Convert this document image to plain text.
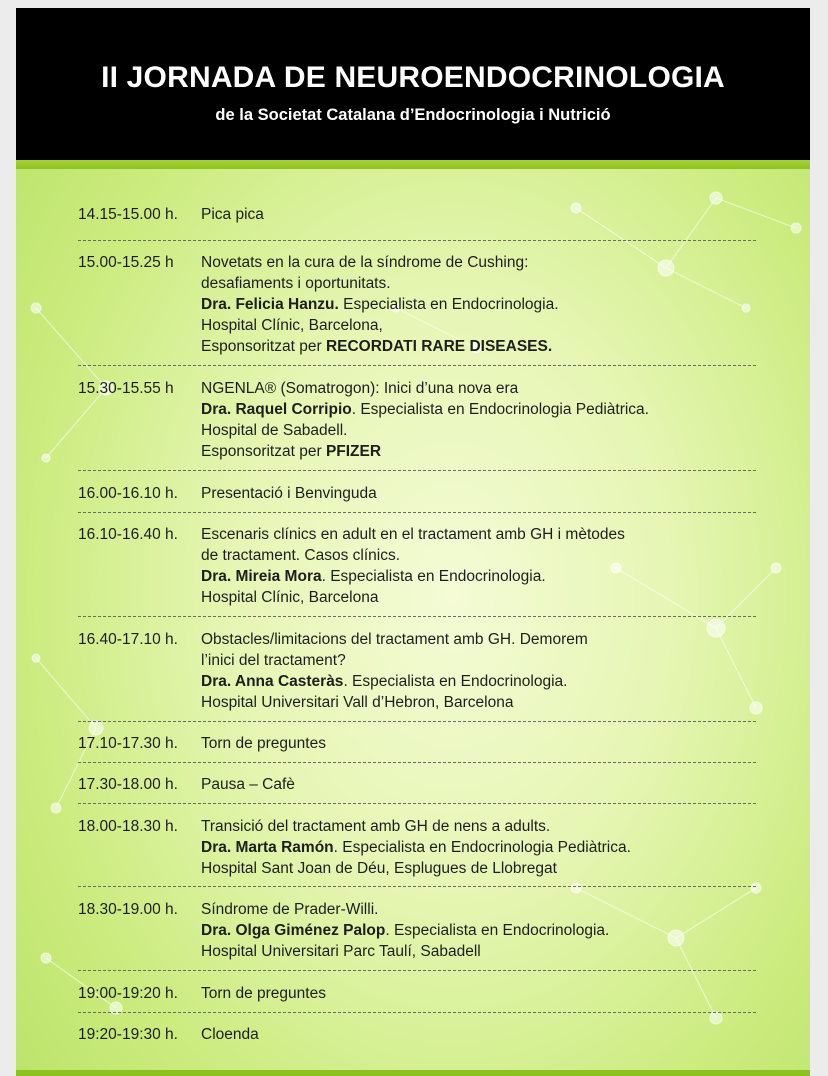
II JORNADA DE NEUROENDOCRINOLOGIA
de la Societat Catalana d’Endocrinologia i Nutrició
14.15-15.00 h. Pica pica
15.00-15.25 h Novetats en la cura de la síndrome de Cushing:
desafiaments i oportunitats.
Dra. Felicia Hanzu. Especialista en Endocrinologia.
Hospital Clínic, Barcelona,
Esponsoritzat per RECORDATI RARE DISEASES.
15.30-15.55 h NGENLA® (Somatrogon): Inici d’una nova era
Dra. Raquel Corripio. Especialista en Endocrinologia Pediàtrica.
Hospital de Sabadell.
Esponsoritzat per PFIZER
16.00-16.10 h. Presentació i Benvinguda
16.10-16.40 h. Escenaris clínics en adult en el tractament amb GH i mètodes
de tractament. Casos clínics.
Dra. Mireia Mora. Especialista en Endocrinologia.
Hospital Clínic, Barcelona
16.40-17.10 h. Obstacles/limitacions del tractament amb GH. Demorem
l’inici del tractament?
Dra. Anna Casteràs. Especialista en Endocrinologia.
Hospital Universitari Vall d’Hebron, Barcelona
17.10-17.30 h. Torn de preguntes
17.30-18.00 h. Pausa – Cafè
18.00-18.30 h. Transició del tractament amb GH de nens a adults.
Dra. Marta Ramón. Especialista en Endocrinologia Pediàtrica.
Hospital Sant Joan de Déu, Esplugues de Llobregat
18.30-19.00 h. Síndrome de Prader-Willi.
Dra. Olga Giménez Palop. Especialista en Endocrinologia.
Hospital Universitari Parc Taulí, Sabadell
19:00-19:20 h. Torn de preguntes
19:20-19:30 h. Cloenda
